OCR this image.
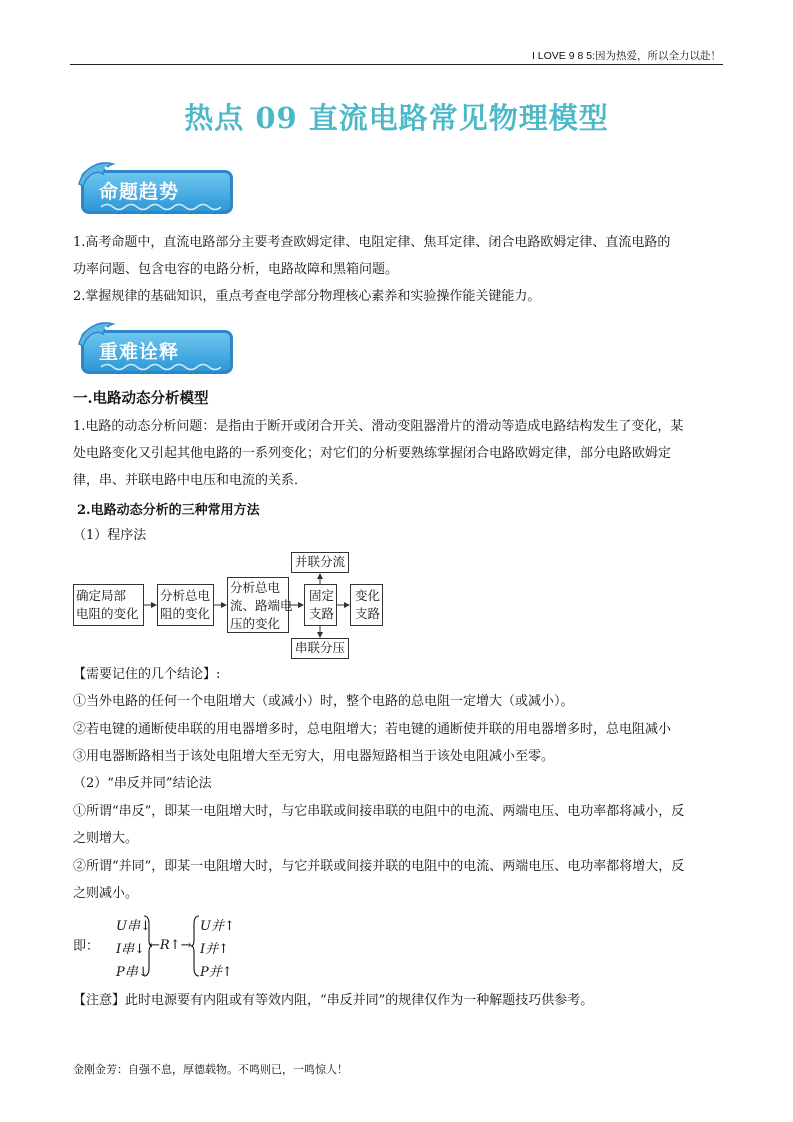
I LOVE 9 8 5:因为热爱，所以全力以赴！
热点 09 直流电路常见物理模型
命题趋势
1.高考命题中，直流电路部分主要考查欧姆定律、电阻定律、焦耳定律、闭合电路欧姆定律、直流电路的
功率问题、包含电容的电路分析，电路故障和黑箱问题。
2.掌握规律的基础知识，重点考查电学部分物理核心素养和实验操作能关键能力。
重难诠释
一.电路动态分析模型
1.电路的动态分析问题：是指由于断开或闭合开关、滑动变阻器滑片的滑动等造成电路结构发生了变化，某
处电路变化又引起其他电路的一系列变化；对它们的分析要熟练掌握闭合电路欧姆定律，部分电路欧姆定
律，串、并联电路中电压和电流的关系．
2.电路动态分析的三种常用方法
（1）程序法
确定局部
电阻的变化
分析总电
阻的变化
分析总电
流、路端电
压的变化
固定
支路
变化
支路
并联分流
串联分压
【需要记住的几个结论】:
①当外电路的任何一个电阻增大（或减小）时，整个电路的总电阻一定增大（或减小）。
②若电键的通断使串联的用电器增多时，总电阻增大；若电键的通断使并联的用电器增多时，总电阻减小
③用电器断路相当于该处电阻增大至无穷大，用电器短路相当于该处电阻减小至零。
（2）“串反并同”结论法
①所谓“串反”，即某一电阻增大时，与它串联或间接串联的电阻中的电流、两端电压、电功率都将减小，反
之则增大。
②所谓“并同”，即某一电阻增大时，与它并联或间接并联的电阻中的电流、两端电压、电功率都将增大，反
之则减小。
即：
U串↓
I串↓
P串↓
←R↑→
U并↑
I并↑
P并↑
【注意】此时电源要有内阻或有等效内阻，“串反并同”的规律仅作为一种解题技巧供参考。
金刚金芳：自强不息，厚德载物。不鸣则已，一鸣惊人！
